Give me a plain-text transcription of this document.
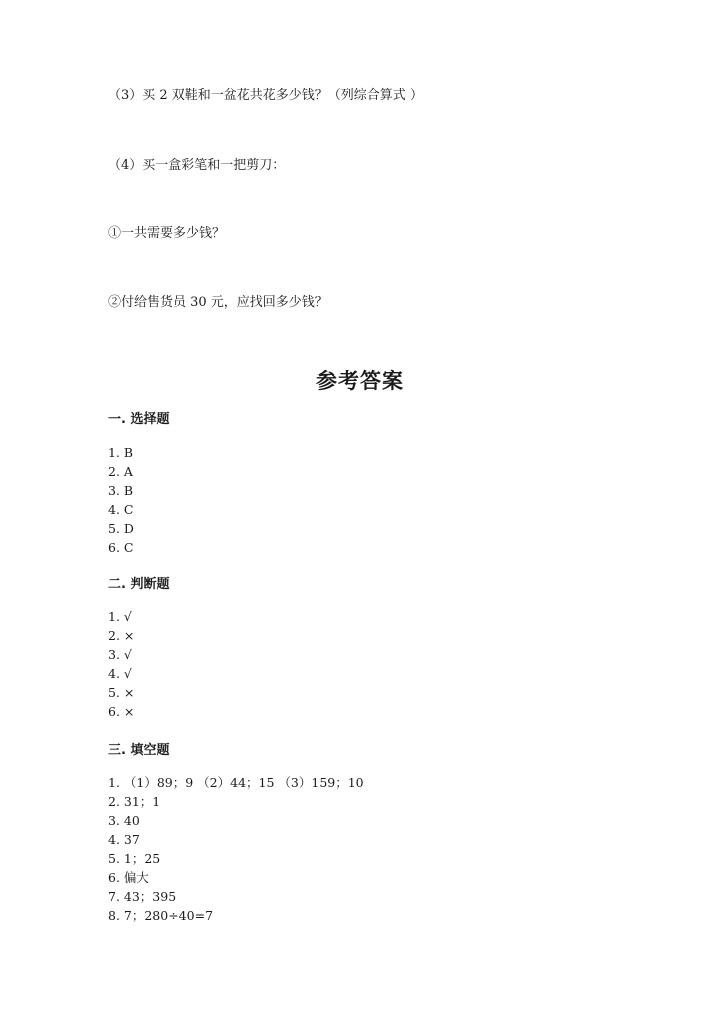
（3）买 2 双鞋和一盆花共花多少钱？（列综合算式 ）
（4）买一盒彩笔和一把剪刀：
①一共需要多少钱？
②付给售货员 30 元，应找回多少钱？
参考答案
一. 选择题
1. B
2. A
3. B
4. C
5. D
6. C
二. 判断题
1. √
2. ×
3. √
4. √
5. ×
6. ×
三. 填空题
1. （1）89；9 （2）44；15 （3）159；10
2. 31；1
3. 40
4. 37
5. 1；25
6. 偏大
7. 43；395
8. 7；280÷40=7
